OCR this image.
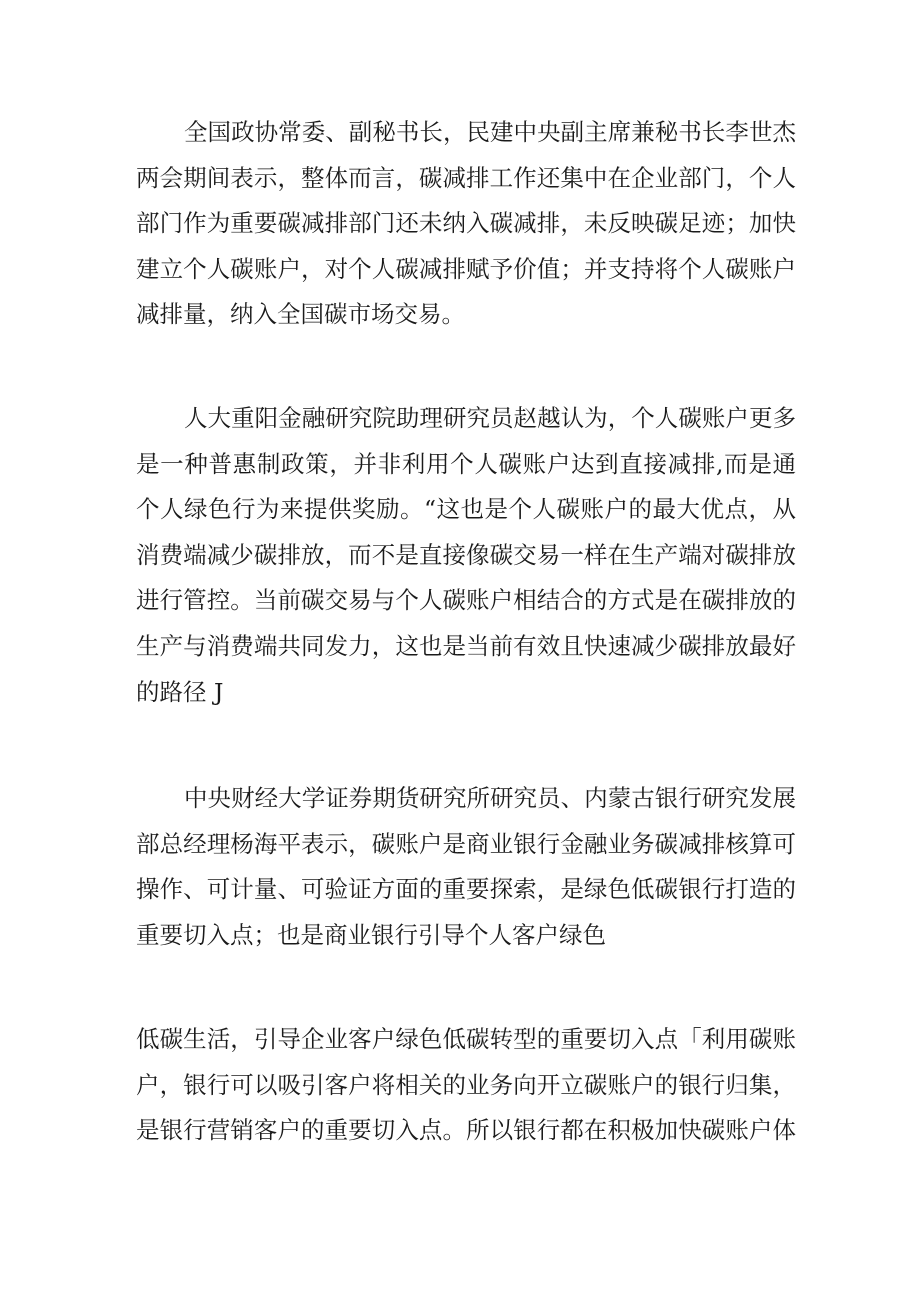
全国政协常委、副秘书长，民建中央副主席兼秘书长李世杰
两会期间表示，整体而言，碳减排工作还集中在企业部门，个人
部门作为重要碳减排部门还未纳入碳减排，未反映碳足迹；加快
建立个人碳账户，对个人碳减排赋予价值；并支持将个人碳账户
减排量，纳入全国碳市场交易。
人大重阳金融研究院助理研究员赵越认为，个人碳账户更多
是一种普惠制政策，并非利用个人碳账户达到直接减排,而是通
个人绿色行为来提供奖励。“这也是个人碳账户的最大优点，从
消费端减少碳排放，而不是直接像碳交易一样在生产端对碳排放
进行管控。当前碳交易与个人碳账户相结合的方式是在碳排放的
生产与消费端共同发力，这也是当前有效且快速减少碳排放最好
的路径 J
中央财经大学证券期货研究所研究员、内蒙古银行研究发展
部总经理杨海平表示，碳账户是商业银行金融业务碳减排核算可
操作、可计量、可验证方面的重要探索，是绿色低碳银行打造的
重要切入点；也是商业银行引导个人客户绿色
低碳生活，引导企业客户绿色低碳转型的重要切入点「利用碳账
户，银行可以吸引客户将相关的业务向开立碳账户的银行归集，
是银行营销客户的重要切入点。所以银行都在积极加快碳账户体
